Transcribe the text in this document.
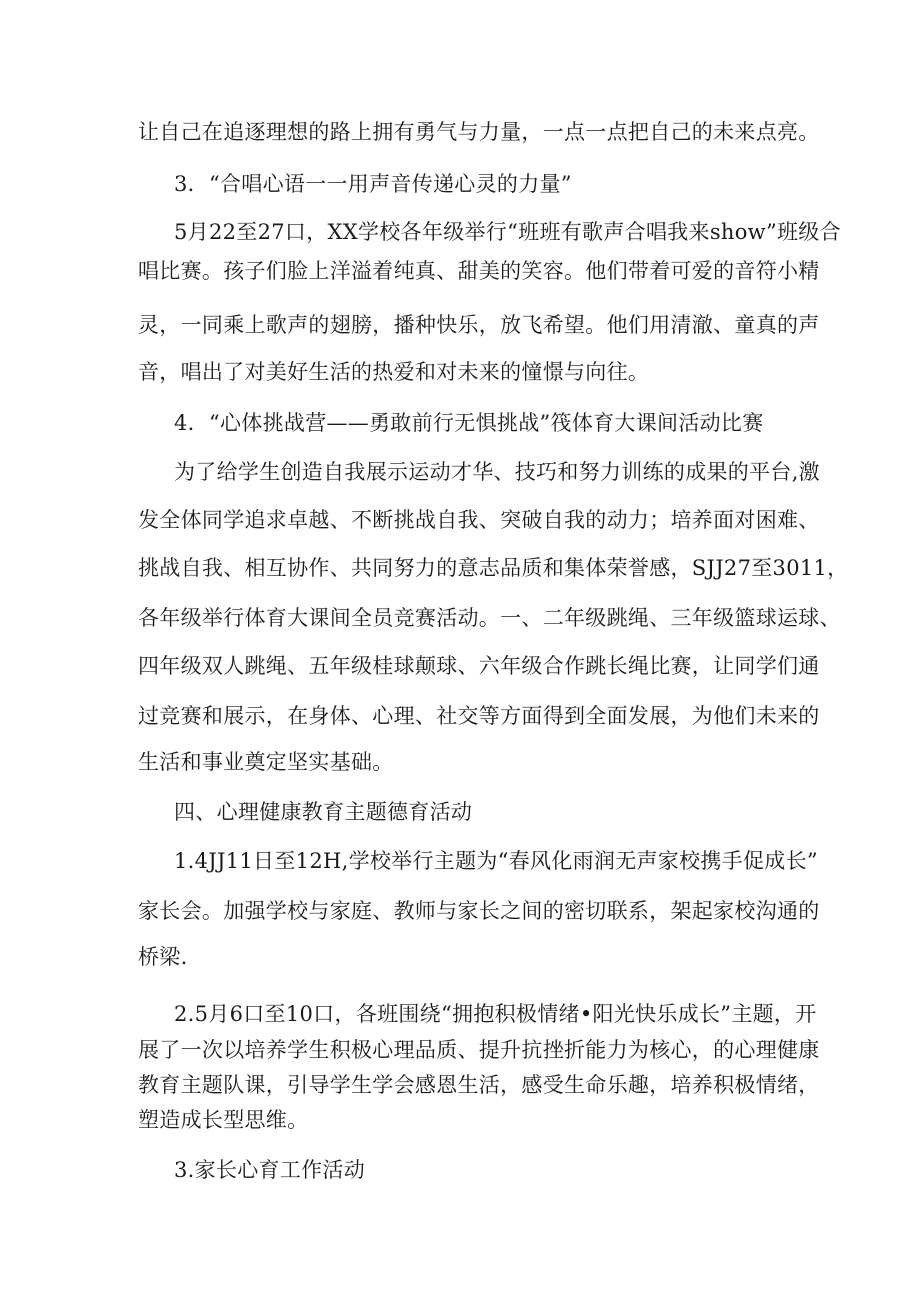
让自己在追逐理想的路上拥有勇气与力量，一点一点把自己的未来点亮。
3．“合唱心语一一用声音传递心灵的力量”
5月22至27口，XX学校各年级举行“班班有歌声合唱我来show”班级合
唱比赛。孩子们脸上洋溢着纯真、甜美的笑容。他们带着可爱的音符小精
灵，一同乘上歌声的翅膀，播种快乐，放飞希望。他们用清澈、童真的声
音，唱出了对美好生活的热爱和对未来的憧憬与向往。
4．“心体挑战营——勇敢前行无惧挑战”筏体育大课间活动比赛
为了给学生创造自我展示运动才华、技巧和努力训练的成果的平台,激
发全体同学追求卓越、不断挑战自我、突破自我的动力；培养面对困难、
挑战自我、相互协作、共同努力的意志品质和集体荣誉感，SJJ27至3011，
各年级举行体育大课间全员竞赛活动。一、二年级跳绳、三年级篮球运球、
四年级双人跳绳、五年级桂球颠球、六年级合作跳长绳比赛，让同学们通
过竞赛和展示，在身体、心理、社交等方面得到全面发展，为他们未来的
生活和事业奠定坚实基础。
四、心理健康教育主题德育活动
1.4JJ11日至12H,学校举行主题为“春风化雨润无声家校携手促成长”
家长会。加强学校与家庭、教师与家长之间的密切联系，架起家校沟通的
桥梁.
2.5月6口至10口，各班围绕“拥抱积极情绪•阳光快乐成长”主题，开
展了一次以培养学生积极心理品质、提升抗挫折能力为核心，的心理健康
教育主题队课，引导学生学会感恩生活，感受生命乐趣，培养积极情绪，
塑造成长型思维。
3.家长心育工作活动
